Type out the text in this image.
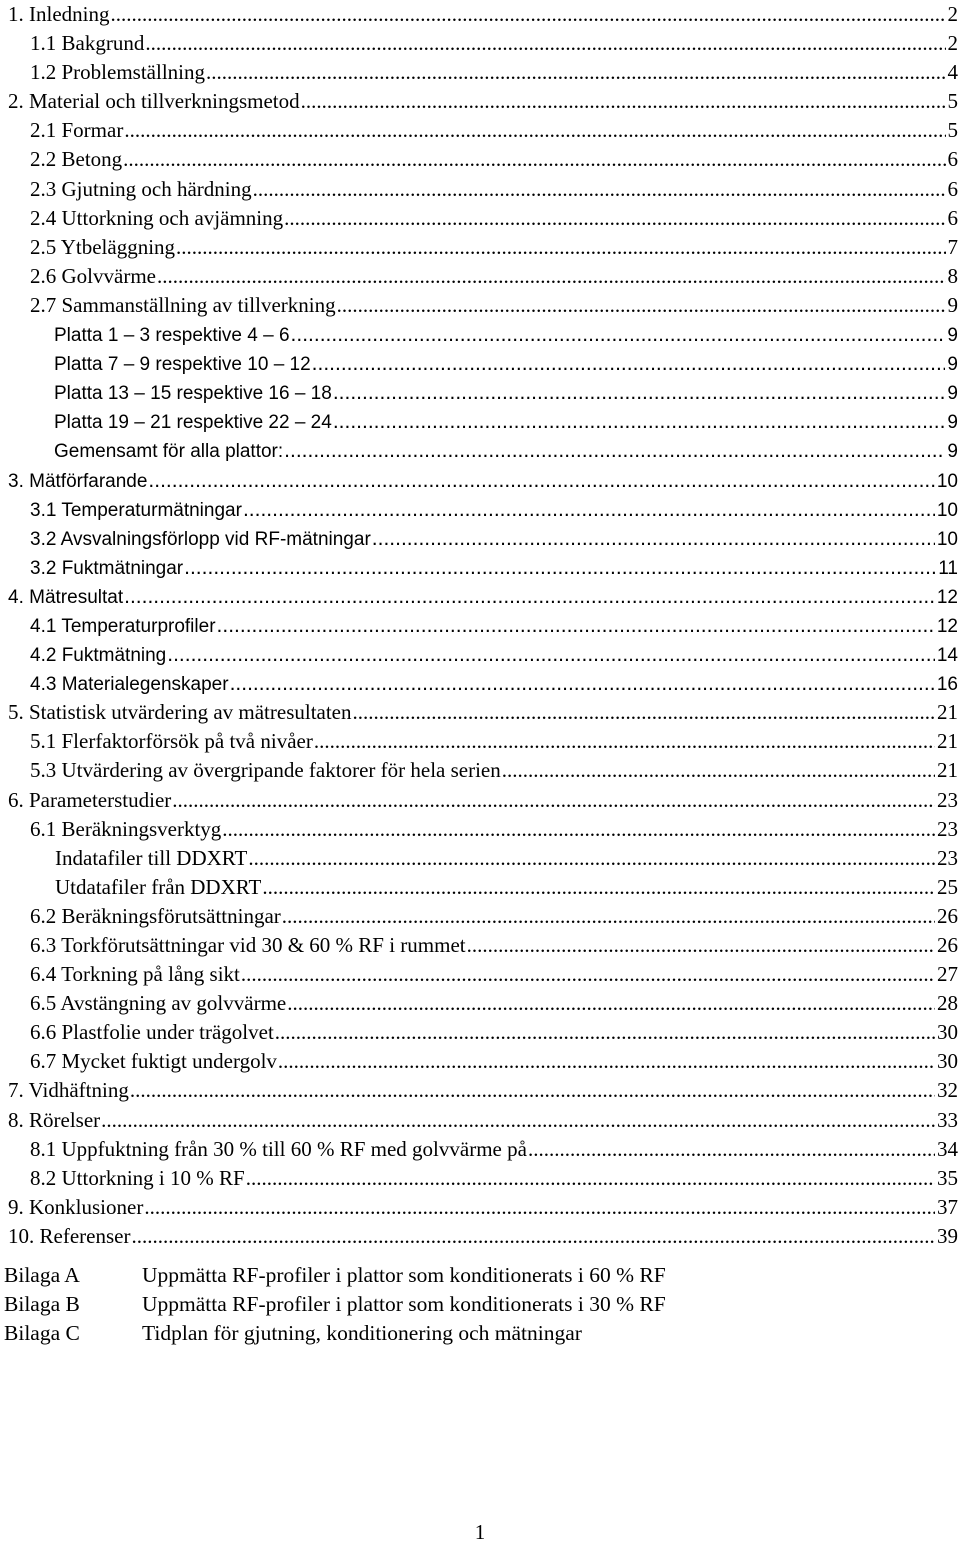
1. Inledning .....	2
1.1 Bakgrund .....	2
1.2 Problemställning .....	4
2. Material och tillverkningsmetod .....	5
2.1 Formar .....	5
2.2 Betong .....	6
2.3 Gjutning och härdning .....	6
2.4 Uttorkning och avjämning .....	6
2.5 Ytbeläggning .....	7
2.6 Golvvärme .....	8
2.7 Sammanställning av tillverkning .....	9
Platta 1 – 3 respektive 4 – 6 .....	9
Platta 7 – 9 respektive 10 – 12 .....	9
Platta 13 – 15 respektive 16 – 18 .....	9
Platta 19 – 21 respektive 22 – 24 .....	9
Gemensamt för alla plattor: .....	9
3. Mätförfarande .....	10
3.1 Temperaturmätningar .....	10
3.2 Avsvalningsförlopp vid RF-mätningar .....	10
3.2 Fuktmätningar .....	11
4. Mätresultat .....	12
4.1 Temperaturprofiler .....	12
4.2 Fuktmätning .....	14
4.3 Materialegenskaper .....	16
5. Statistisk utvärdering av mätresultaten .....	21
5.1 Flerfaktorförsök på två nivåer .....	21
5.3 Utvärdering av övergripande faktorer för hela serien .....	21
6. Parameterstudier .....	23
6.1 Beräkningsverktyg .....	23
Indatafiler till DDXRT .....	23
Utdatafiler från DDXRT .....	25
6.2 Beräkningsförutsättningar .....	26
6.3 Torkförutsättningar vid 30 & 60 % RF i rummet .....	26
6.4 Torkning på lång sikt .....	27
6.5 Avstängning av golvvärme .....	28
6.6 Plastfolie under trägolvet .....	30
6.7 Mycket fuktigt undergolv .....	30
7. Vidhäftning .....	32
8. Rörelser .....	33
8.1 Uppfuktning från 30 % till 60 % RF med golvvärme på .....	34
8.2 Uttorkning i 10 % RF .....	35
9. Konklusioner .....	37
10. Referenser .....	39
Bilaga A	Uppmätta RF-profiler i plattor som konditionerats i 60 % RF
Bilaga B	Uppmätta RF-profiler i plattor som konditionerats i 30 % RF
Bilaga C	Tidplan för gjutning, konditionering och mätningar
1
